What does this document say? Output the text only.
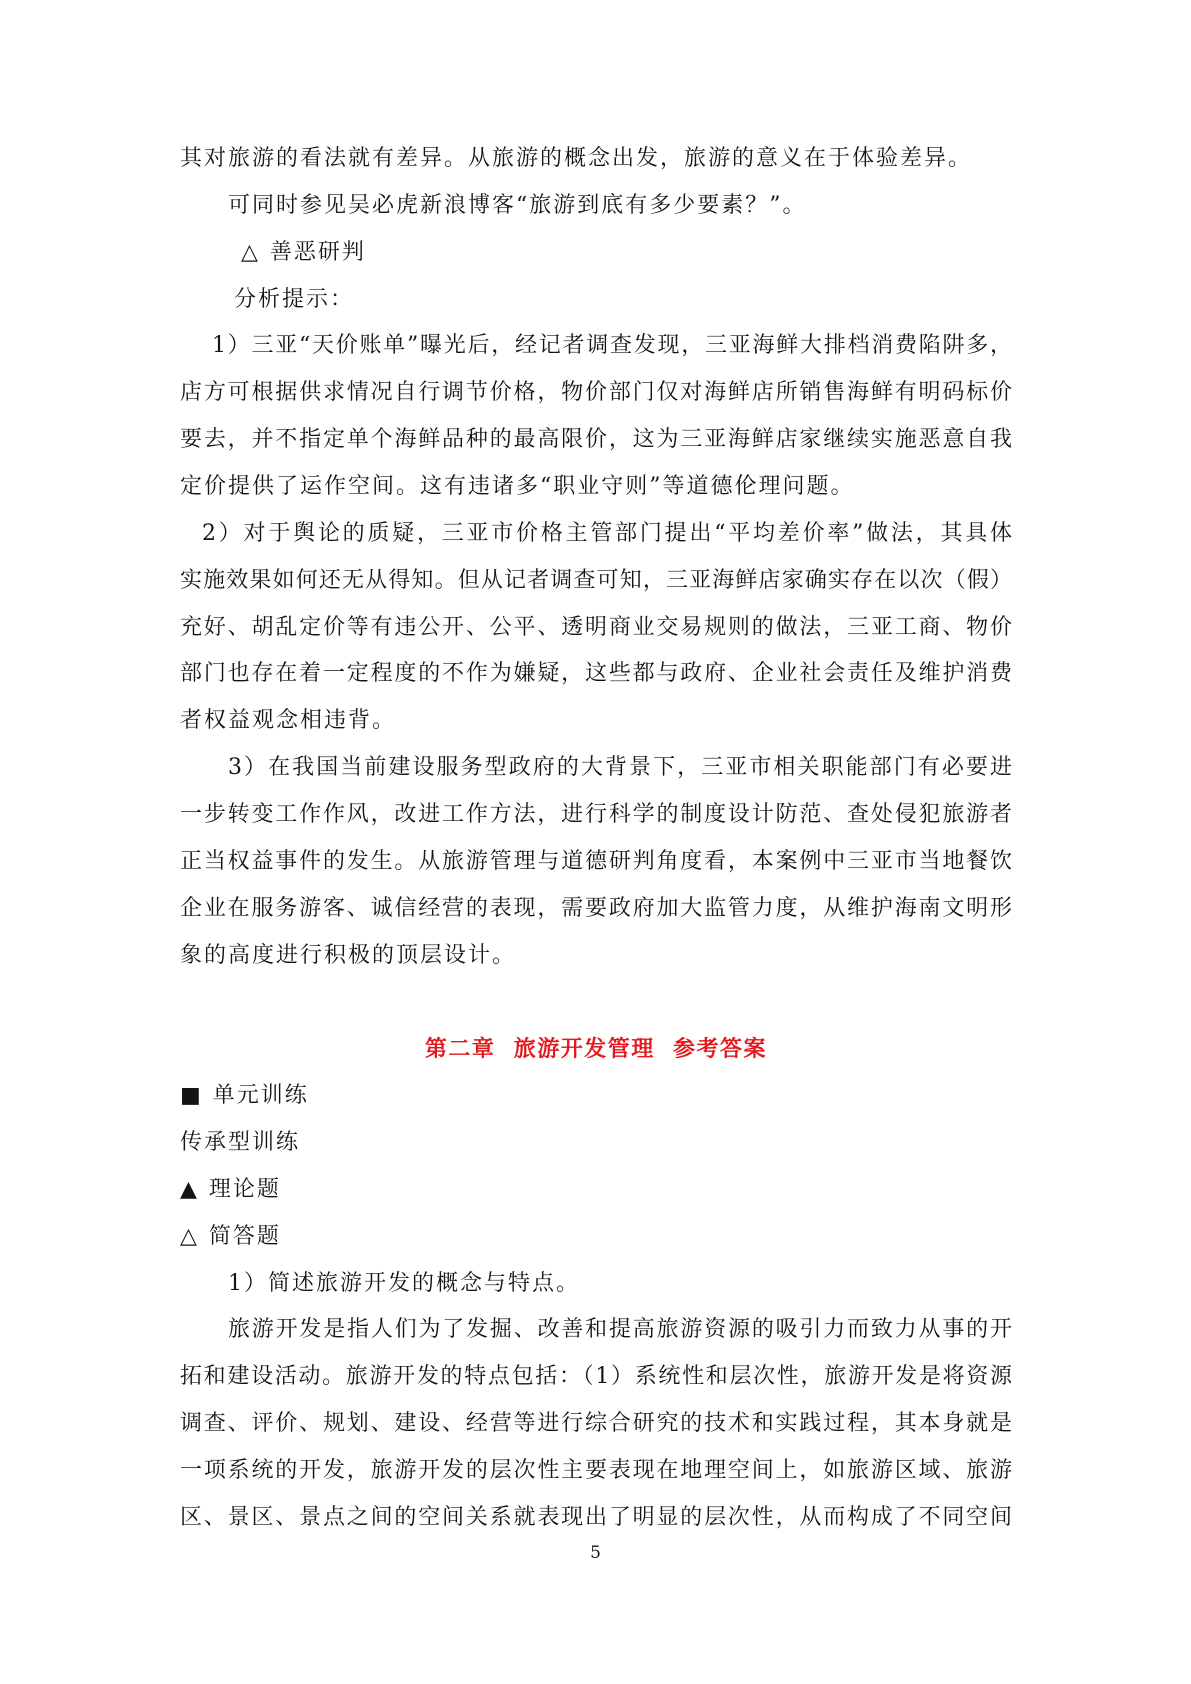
其对旅游的看法就有差异。从旅游的概念出发，旅游的意义在于体验差异。
可同时参见吴必虎新浪博客“旅游到底有多少要素？”。
△ 善恶研判
分析提示：
1）三亚“天价账单”曝光后，经记者调查发现，三亚海鲜大排档消费陷阱多，
店方可根据供求情况自行调节价格，物价部门仅对海鲜店所销售海鲜有明码标价
要去，并不指定单个海鲜品种的最高限价，这为三亚海鲜店家继续实施恶意自我
定价提供了运作空间。这有违诸多“职业守则”等道德伦理问题。
2）对于舆论的质疑，三亚市价格主管部门提出“平均差价率”做法，其具体
实施效果如何还无从得知。但从记者调查可知，三亚海鲜店家确实存在以次（假）
充好、胡乱定价等有违公开、公平、透明商业交易规则的做法，三亚工商、物价
部门也存在着一定程度的不作为嫌疑，这些都与政府、企业社会责任及维护消费
者权益观念相违背。
3）在我国当前建设服务型政府的大背景下，三亚市相关职能部门有必要进
一步转变工作作风，改进工作方法，进行科学的制度设计防范、查处侵犯旅游者
正当权益事件的发生。从旅游管理与道德研判角度看，本案例中三亚市当地餐饮
企业在服务游客、诚信经营的表现，需要政府加大监管力度，从维护海南文明形
象的高度进行积极的顶层设计。
第二章  旅游开发管理  参考答案
■ 单元训练
传承型训练
▲ 理论题
△ 简答题
1）简述旅游开发的概念与特点。
旅游开发是指人们为了发掘、改善和提高旅游资源的吸引力而致力从事的开
拓和建设活动。旅游开发的特点包括：（1）系统性和层次性，旅游开发是将资源
调查、评价、规划、建设、经营等进行综合研究的技术和实践过程，其本身就是
一项系统的开发，旅游开发的层次性主要表现在地理空间上，如旅游区域、旅游
区、景区、景点之间的空间关系就表现出了明显的层次性，从而构成了不同空间
5
